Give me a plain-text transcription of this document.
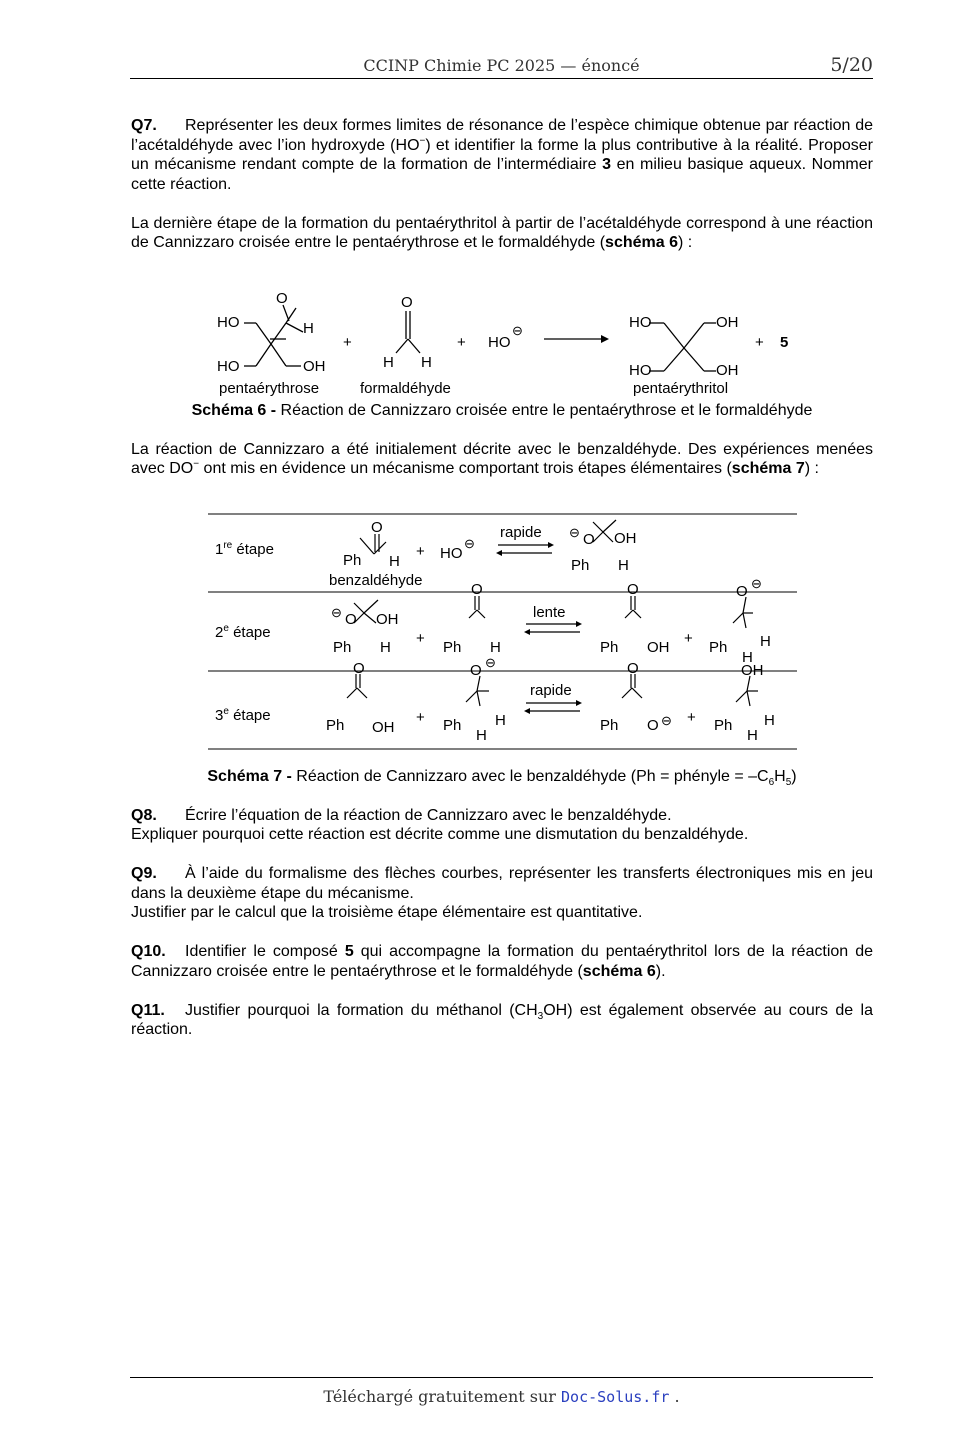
CCINP Chimie PC 2025 — énoncé	5/20

Q7. Représenter les deux formes limites de résonance de l’espèce chimique obtenue par réaction de l’acétaldéhyde avec l’ion hydroxyde (HO−) et identifier la forme la plus contributive à la réalité. Proposer un mécanisme rendant compte de la formation de l’intermédiaire 3 en milieu basique aqueux. Nommer cette réaction.

La dernière étape de la formation du pentaérythritol à partir de l’acétaldéhyde correspond à une réaction de Cannizzaro croisée entre le pentaérythrose et le formaldéhyde (schéma 6) :

HO
O
H
HO	OH
pentaérythrose
+
O
H H
formaldéhyde
+ HO
⊖	HO	OH
HO	OH
pentaérythritol
+ 5

Schéma 6 - Réaction de Cannizzaro croisée entre le pentaérythrose et le formaldéhyde

La réaction de Cannizzaro a été initialement décrite avec le benzaldéhyde. Des expériences menées avec DO− ont mis en évidence un mécanisme comportant trois étapes élémentaires (schéma 7) :

1re étape
2e étape
3e étape
O
Ph H
benzaldéhyde
+ HO
⊖
rapide ⊖ O OH
Ph H
⊖ O OH
Ph H
+
O
Ph H
lente
O
Ph OH
+
O ⊖
Ph H
H
O
Ph OH
+
O ⊖
Ph H
H
rapide
O
Ph O ⊖ +
OH
Ph H
H

Schéma 7 - Réaction de Cannizzaro avec le benzaldéhyde (Ph = phényle = $-C_6H_5$)

Q8. Écrire l’équation de la réaction de Cannizzaro avec le benzaldéhyde.
Expliquer pourquoi cette réaction est décrite comme une dismutation du benzaldéhyde.

Q9. À l’aide du formalisme des flèches courbes, représenter les transferts électroniques mis en jeu dans la deuxième étape du mécanisme.
Justifier par le calcul que la troisième étape élémentaire est quantitative.

Q10. Identifier le composé 5 qui accompagne la formation du pentaérythritol lors de la réaction de Cannizzaro croisée entre le pentaérythrose et le formaldéhyde (schéma 6).

Q11. Justifier pourquoi la formation du méthanol $(CH_3OH)$ est également observée au cours de la réaction.

Téléchargé gratuitement sur Doc-Solus.fr .
